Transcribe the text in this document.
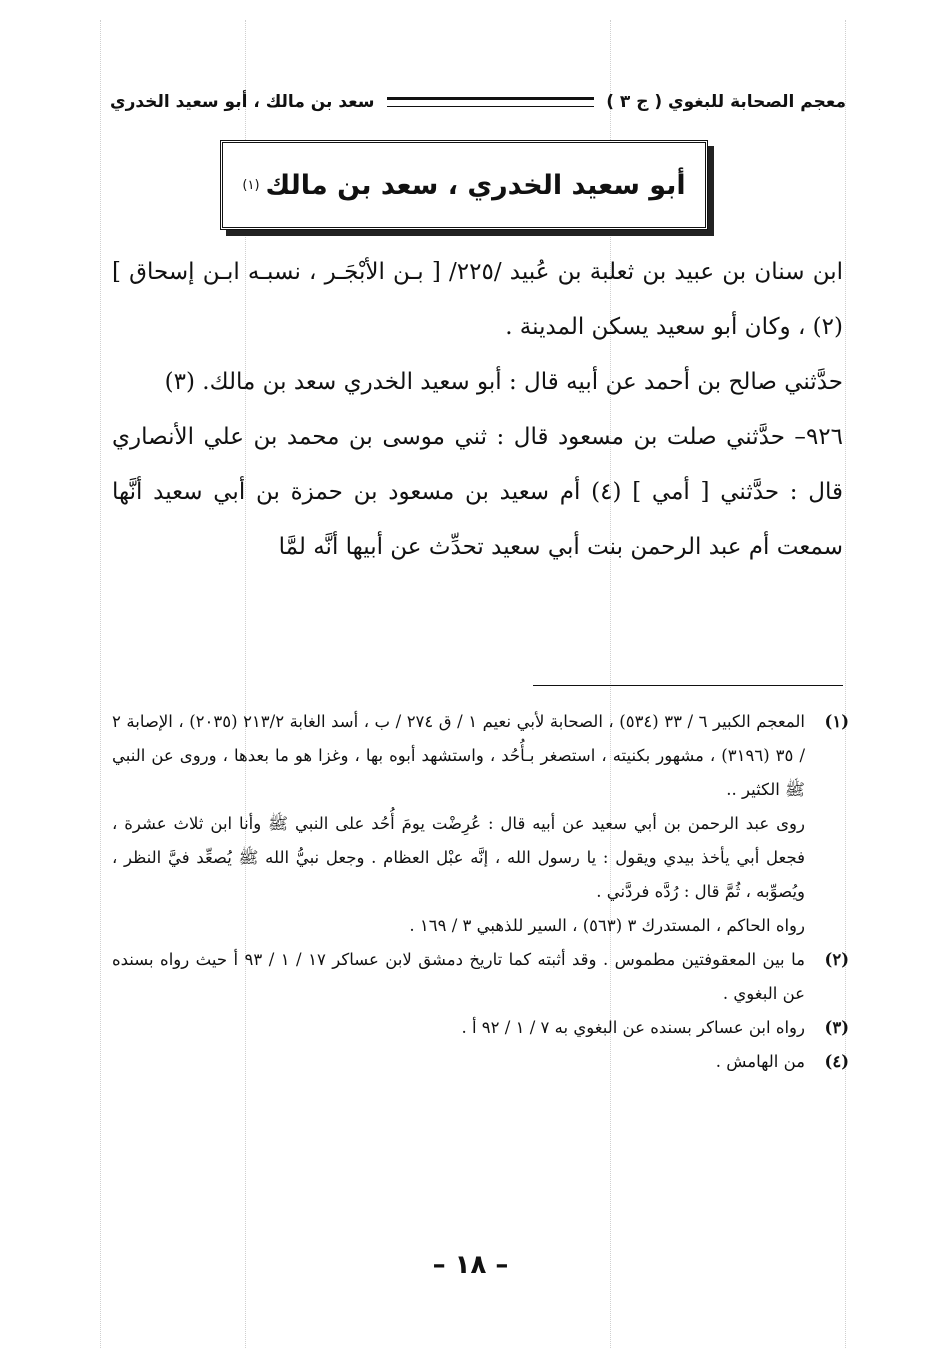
معجم الصحابة للبغوي ( ج ٣ )
سعد بن مالك ، أبو سعيد الخدري
أبو سعيد الخدري ، سعد بن مالك
(١)

ابن سنان بن عبيد بن ثعلبة بن عُبيد /٢٢٥/ [ بـن الأبْجَـر ، نسبـه ابـن إسحاق ] (٢) ، وكان أبو سعيد يسكن المدينة .

حدَّثني صالح بن أحمد عن أبيه قال : أبو سعيد الخدري سعد بن مالك. (٣)

٩٢٦– حدَّثني صلت بن مسعود قال : ثني موسى بن محمد بن علي الأنصاري قال : حدَّثني [ أمي ] (٤) أم سعيد بن مسعود بن حمزة بن أبي سعيد أنَّها سمعت أم عبد الرحمن بنت أبي سعيد تحدِّث عن أبيها أنَّه لمَّا

(١)

المعجم الكبير ٦ / ٣٣ (٥٣٤) ، الصحابة لأبي نعيم ١ / ق ٢٧٤ / ب ، أسد الغابة ٢١٣/٢ (٢٠٣٥) ، الإصابة ٢ / ٣٥ (٣١٩٦) ، مشهور بكنيته ، استصغر بـأُحُد ، واستشهد أبوه بها ، وغزا هو ما بعدها ، وروى عن النبي ﷺ الكثير ..

روى عبد الرحمن بن أبي سعيد عن أبيه قال : عُرِضْت يومَ أُحُد على النبي ﷺ وأنا ابن ثلاث عشرة ، فجعل أبي يأخذ بيدي ويقول : يا رسول الله ، إنَّه عبْل العظام . وجعل نبيُّ الله ﷺ يُصعِّد فيَّ النظر ، ويُصوِّبه ، ثُمَّ قال : رُدَّه فردَّني .

رواه الحاكم ، المستدرك ٣ (٥٦٣) ، السير للذهبي ٣ / ١٦٩ .

(٢)

ما بين المعقوفتين مطموس . وقد أثبته كما تاريخ دمشق لابن عساكر ١٧ / ١ / ٩٣ أ حيث رواه بسنده عن البغوي .

(٣)

رواه ابن عساكر بسنده عن البغوي به ٧ / ١ / ٩٢ أ .

(٤)

من الهامش .

– ١٨ –
